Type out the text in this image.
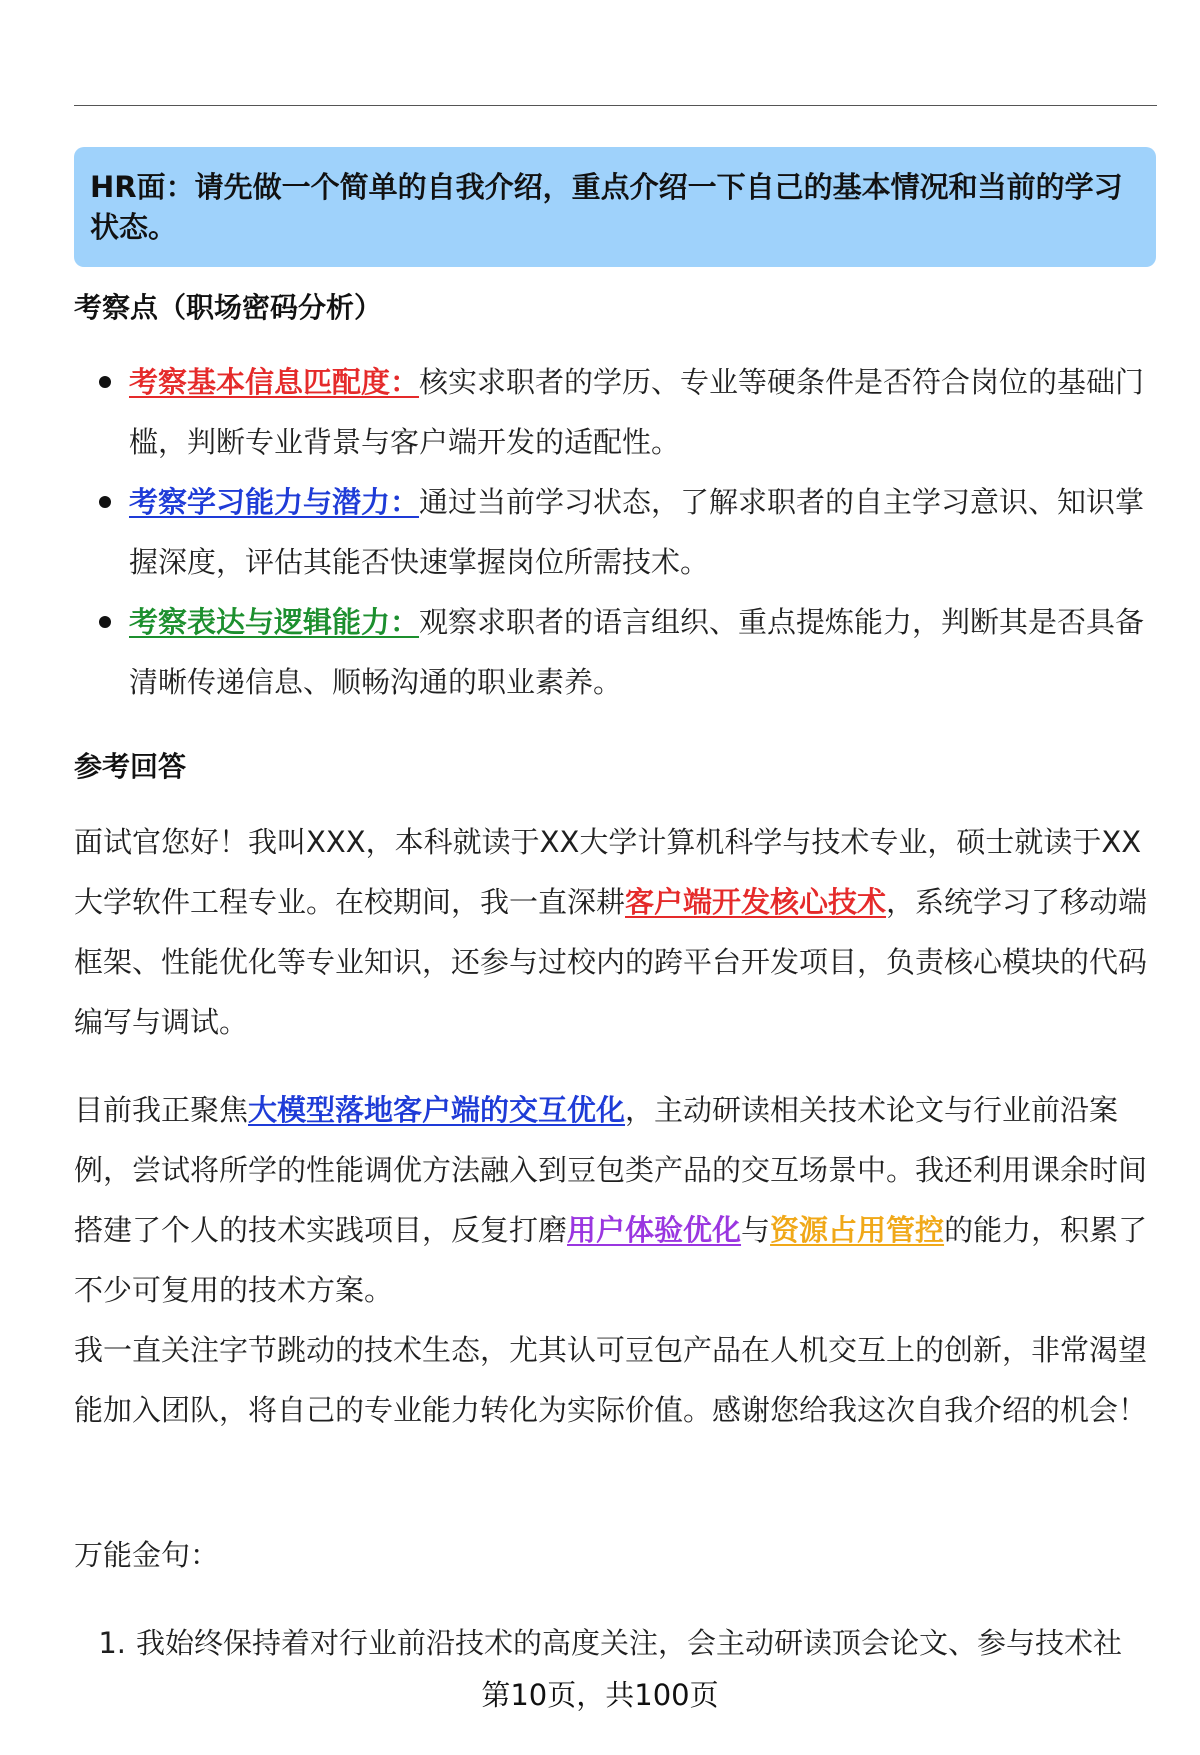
HR面：请先做一个简单的自我介绍，重点介绍一下自己的基本情况和当前的学习状态。
考察点（职场密码分析）
考察基本信息匹配度：核实求职者的学历、专业等硬条件是否符合岗位的基础门槛，判断专业背景与客户端开发的适配性。
考察学习能力与潜力：通过当前学习状态，了解求职者的自主学习意识、知识掌握深度，评估其能否快速掌握岗位所需技术。
考察表达与逻辑能力：观察求职者的语言组织、重点提炼能力，判断其是否具备清晰传递信息、顺畅沟通的职业素养。
参考回答
面试官您好！我叫XXX，本科就读于XX大学计算机科学与技术专业，硕士就读于XX大学软件工程专业。在校期间，我一直深耕客户端开发核心技术，系统学习了移动端框架、性能优化等专业知识，还参与过校内的跨平台开发项目，负责核心模块的代码编写与调试。
目前我正聚焦大模型落地客户端的交互优化，主动研读相关技术论文与行业前沿案例，尝试将所学的性能调优方法融入到豆包类产品的交互场景中。我还利用课余时间搭建了个人的技术实践项目，反复打磨用户体验优化与资源占用管控的能力，积累了不少可复用的技术方案。
我一直关注字节跳动的技术生态，尤其认可豆包产品在人机交互上的创新，非常渴望能加入团队，将自己的专业能力转化为实际价值。感谢您给我这次自我介绍的机会！
万能金句：
1. 我始终保持着对行业前沿技术的高度关注，会主动研读顶会论文、参与技术社
第10页，共100页
